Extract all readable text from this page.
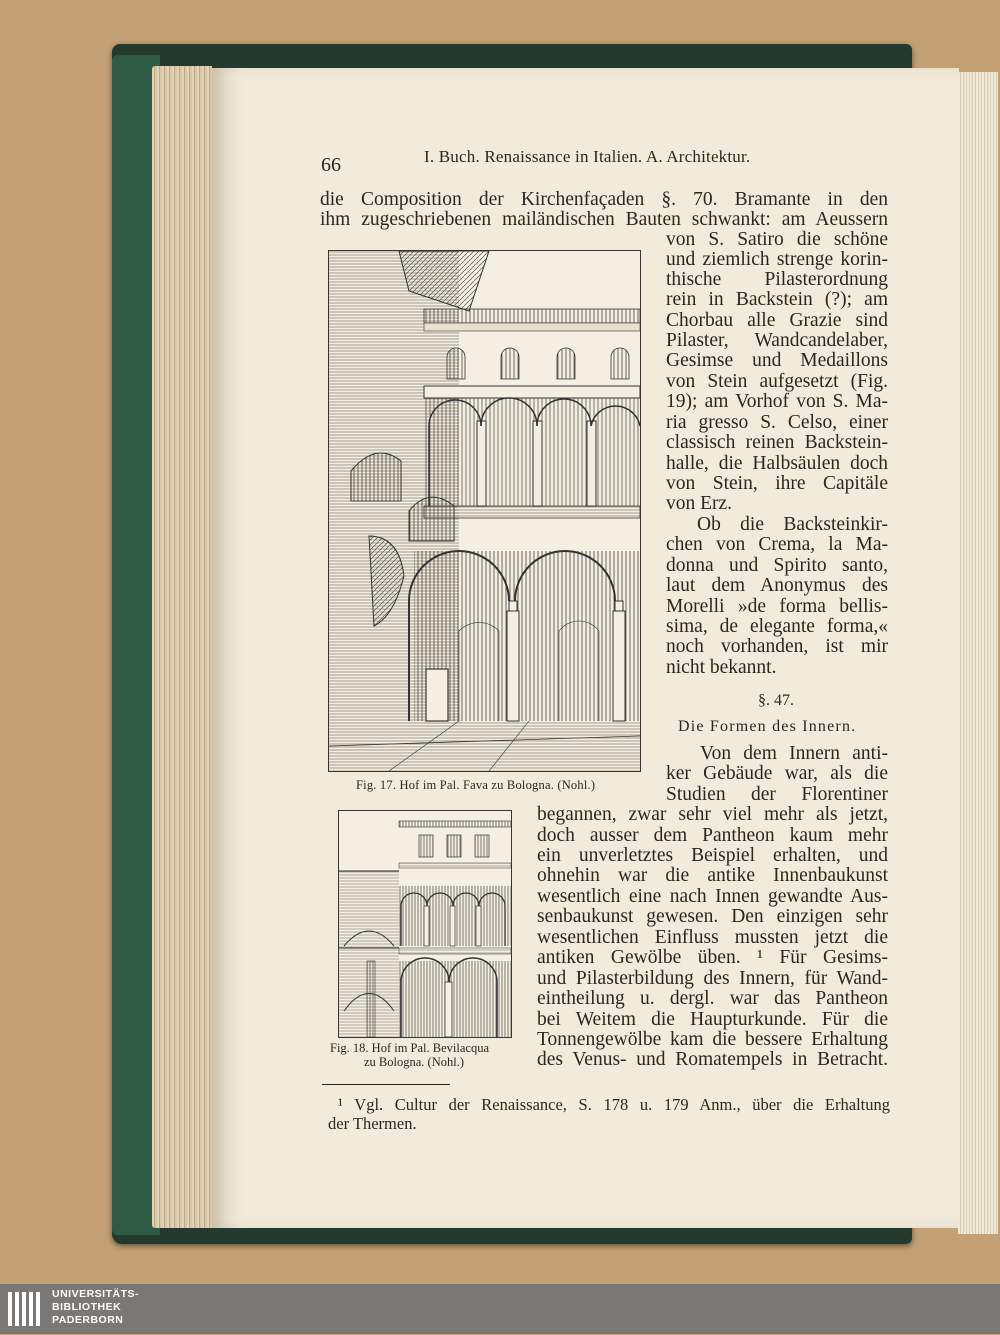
66	I. Buch. Renaissance in Italien. A. Architektur.
die Composition der Kirchenfaçaden §. 70. Bramante in den
ihm zugeschriebenen mailändischen Bauten schwankt: am Aeussern
von S. Satiro die schöne
und ziemlich strenge korin-
thische Pilasterordnung
rein in Backstein (?); am
Chorbau alle Grazie sind
Pilaster, Wandcandelaber,
Gesimse und Medaillons
von Stein aufgesetzt (Fig.
19); am Vorhof von S. Ma-
ria gresso S. Celso, einer
classisch reinen Backstein-
halle, die Halbsäulen doch
von Stein, ihre Capitäle
von Erz.
Ob die Backsteinkir-
chen von Crema, la Ma-
donna und Spirito santo,
laut dem Anonymus des
Morelli »de forma bellis-
sima, de elegante forma,«
noch vorhanden, ist mir
nicht bekannt.
§. 47.
Die Formen des Innern.
Von dem Innern anti-
ker Gebäude war, als die
Studien der Florentiner
begannen, zwar sehr viel mehr als jetzt,
doch ausser dem Pantheon kaum mehr
ein unverletztes Beispiel erhalten, und
ohnehin war die antike Innenbaukunst
wesentlich eine nach Innen gewandte Aus-
senbaukunst gewesen. Den einzigen sehr
wesentlichen Einfluss mussten jetzt die
antiken Gewölbe üben. ¹ Für Gesims-
und Pilasterbildung des Innern, für Wand-
eintheilung u. dergl. war das Pantheon
bei Weitem die Haupturkunde. Für die
Tonnengewölbe kam die bessere Erhaltung
des Venus- und Romatempels in Betracht.
Fig. 17. Hof im Pal. Fava zu Bologna. (Nohl.)
Fig. 18. Hof im Pal. Bevilacqua
zu Bologna. (Nohl.)
¹ Vgl. Cultur der Renaissance, S. 178 u. 179 Anm., über die Erhaltung
der Thermen.
UNIVERSITÄTS-
BIBLIOTHEK
PADERBORN
